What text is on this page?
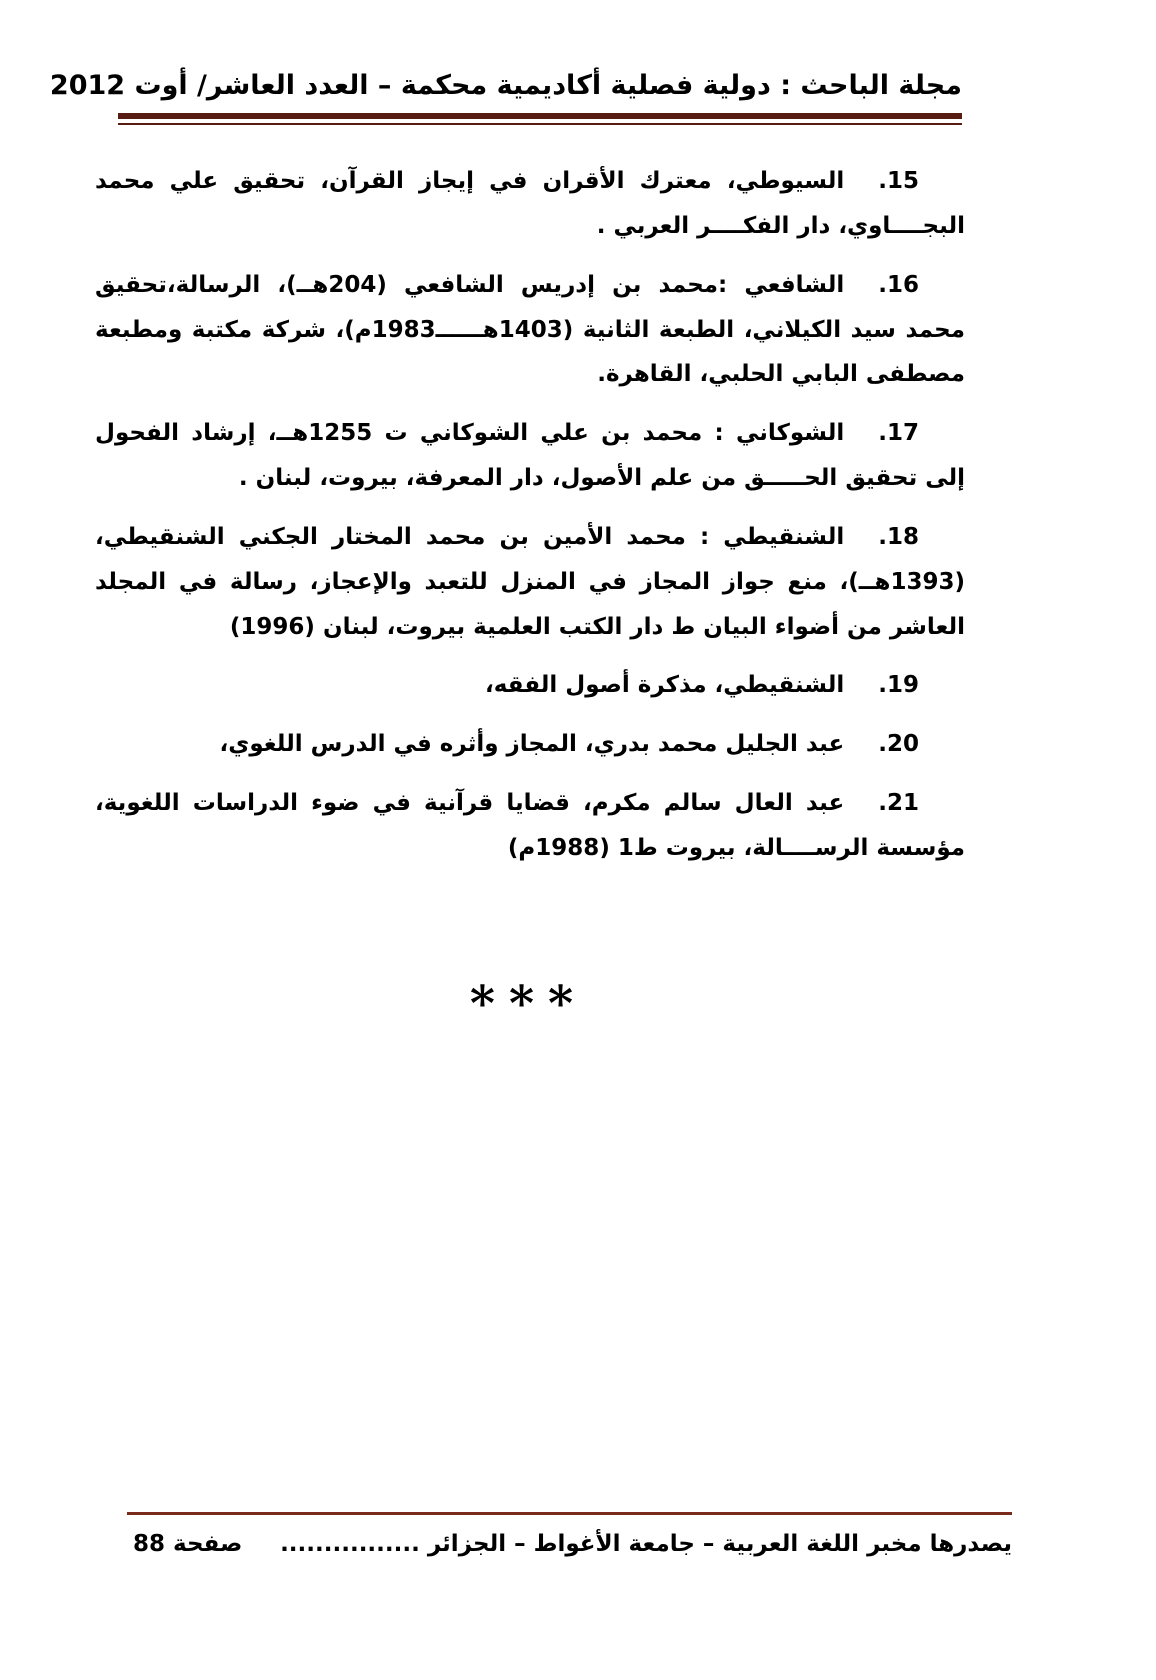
مجلة الباحث : دولية فصلية أكاديمية محكمة – العدد العاشر/ أوت 2012

15.السيوطي، معترك الأقران في إيجاز القرآن، تحقيق علي محمد البجــــاوي، دار الفكــــر العربي .

16.الشافعي :محمد بن إدريس الشافعي (204هــ)، الرسالة،تحقيق محمد سيد الكيلاني، الطبعة الثانية (1403هــــــ1983م)، شركة مكتبة ومطبعة مصطفى البابي الحلبي، القاهرة.

17.الشوكاني : محمد بن علي الشوكاني ت 1255هــ، إرشاد الفحول إلى تحقيق الحـــــق من علم الأصول، دار المعرفة، بيروت، لبنان .

18.الشنقيطي : محمد الأمين بن محمد المختار الجكني الشنقيطي، (1393هــ)، منع جواز المجاز في المنزل للتعبد والإعجاز، رسالة في المجلد العاشر من أضواء البيان ط دار الكتب العلمية بيروت، لبنان (1996)

19.الشنقيطي، مذكرة أصول الفقه،

20.عبد الجليل محمد بدري، المجاز وأثره في الدرس اللغوي،

21.عبد العال سالم مكرم، قضايا قرآنية في ضوء الدراسات اللغوية، مؤسسة الرســــالة، بيروت ط1 (1988م)

***
يصدرها مخبر اللغة العربية – جامعة الأغواط – الجزائر ................
صفحة 88
